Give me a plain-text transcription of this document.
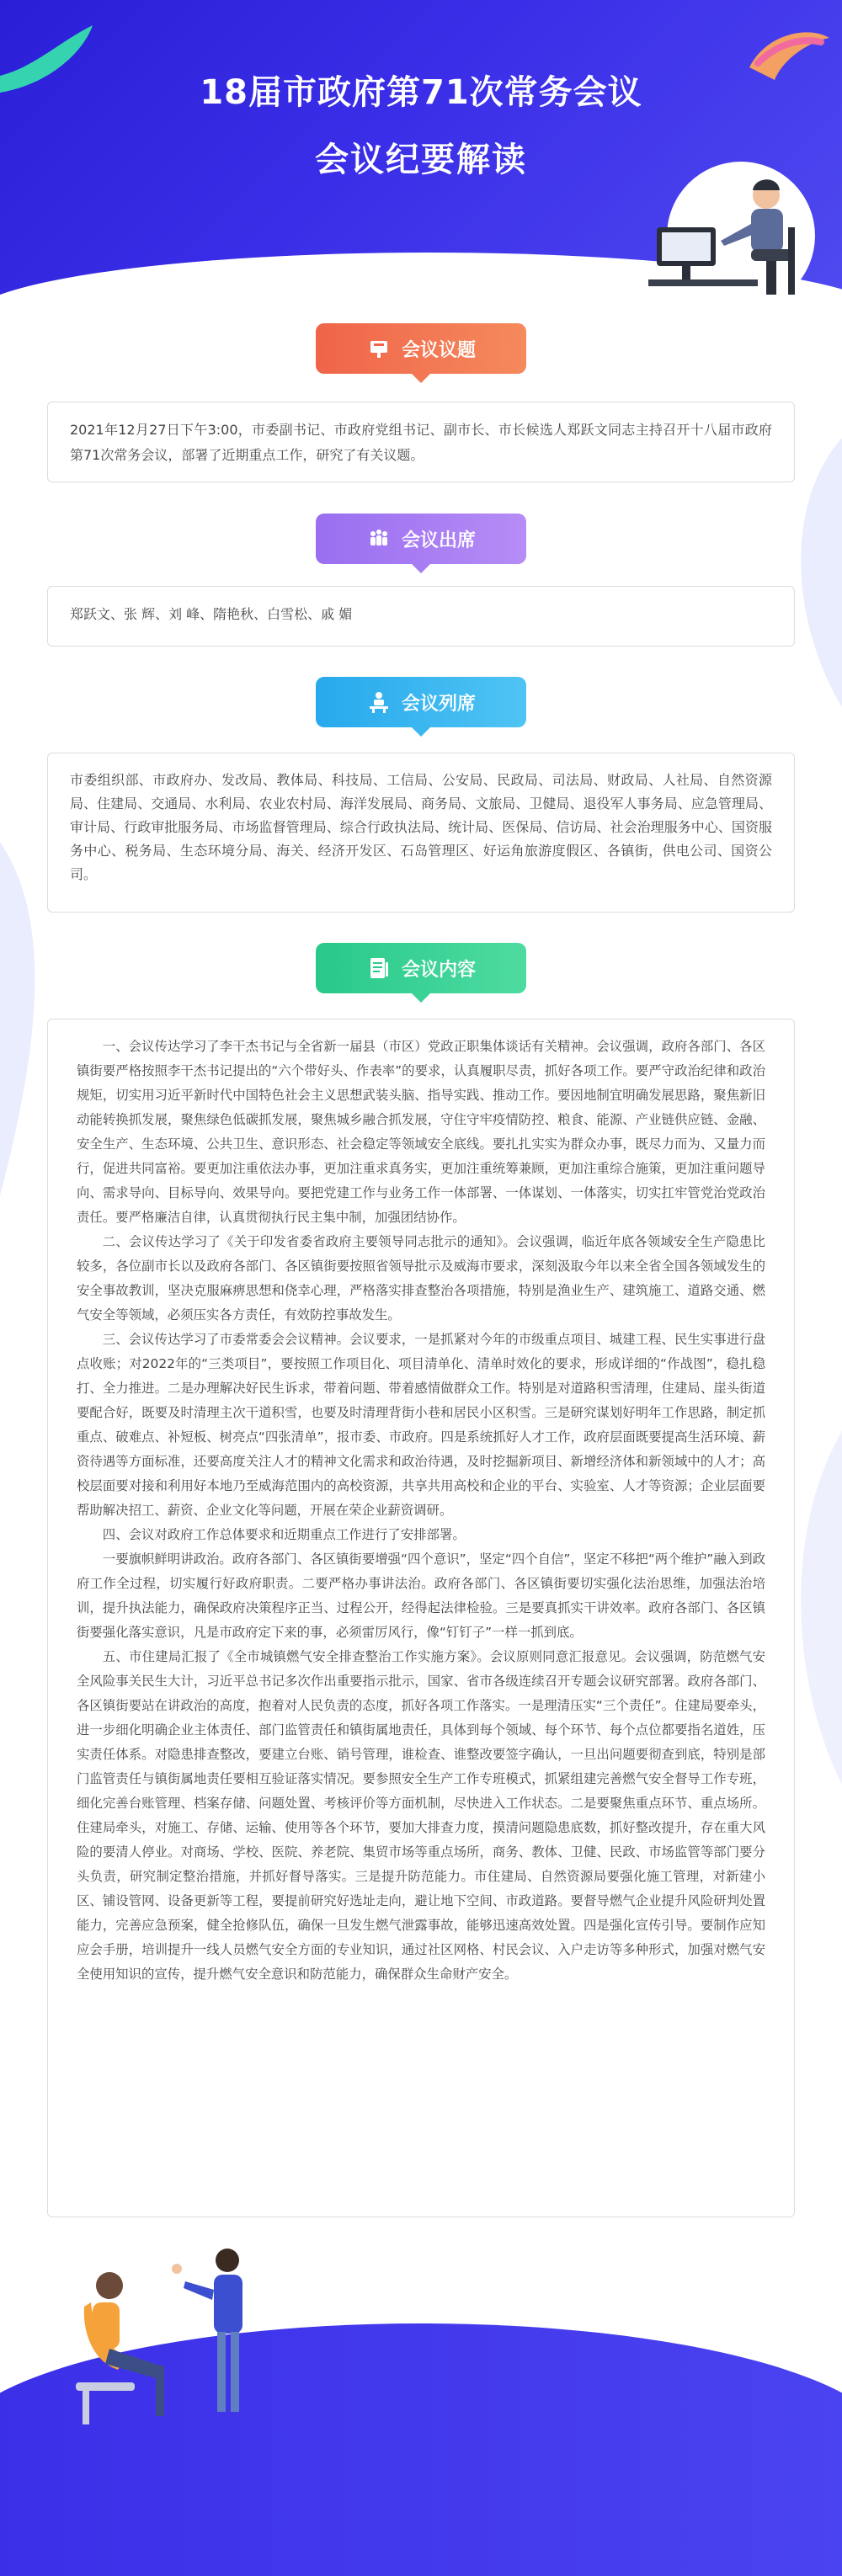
18届市政府第71次常务会议
会议纪要解读
会议议题

2021年12月27日下午3:00，市委副书记、市政府党组书记、副市长、市长候选人郑跃文同志主持召开十八届市政府第71次常务会议，部署了近期重点工作，研究了有关议题。

会议出席

郑跃文、张 辉、刘 峰、隋艳秋、白雪松、戚 媚

会议列席

市委组织部、市政府办、发改局、教体局、科技局、工信局、公安局、民政局、司法局、财政局、人社局、自然资源局、住建局、交通局、水利局、农业农村局、海洋发展局、商务局、文旅局、卫健局、退役军人事务局、应急管理局、审计局、行政审批服务局、市场监督管理局、综合行政执法局、统计局、医保局、信访局、社会治理服务中心、国资服务中心、税务局、生态环境分局、海关、经济开发区、石岛管理区、好运角旅游度假区、各镇街，供电公司、国资公司。

会议内容

一、会议传达学习了李干杰书记与全省新一届县（市区）党政正职集体谈话有关精神。会议强调，政府各部门、各区镇街要严格按照李干杰书记提出的“六个带好头、作表率”的要求，认真履职尽责，抓好各项工作。要严守政治纪律和政治规矩，切实用习近平新时代中国特色社会主义思想武装头脑、指导实践、推动工作。要因地制宜明确发展思路，聚焦新旧动能转换抓发展，聚焦绿色低碳抓发展，聚焦城乡融合抓发展，守住守牢疫情防控、粮食、能源、产业链供应链、金融、安全生产、生态环境、公共卫生、意识形态、社会稳定等领域安全底线。要扎扎实实为群众办事，既尽力而为、又量力而行，促进共同富裕。要更加注重依法办事，更加注重求真务实，更加注重统筹兼顾，更加注重综合施策，更加注重问题导向、需求导向、目标导向、效果导向。要把党建工作与业务工作一体部署、一体谋划、一体落实，切实扛牢管党治党政治责任。要严格廉洁自律，认真贯彻执行民主集中制，加强团结协作。

二、会议传达学习了《关于印发省委省政府主要领导同志批示的通知》。会议强调，临近年底各领域安全生产隐患比较多，各位副市长以及政府各部门、各区镇街要按照省领导批示及威海市要求，深刻汲取今年以来全省全国各领域发生的安全事故教训，坚决克服麻痹思想和侥幸心理，严格落实排查整治各项措施，特别是渔业生产、建筑施工、道路交通、燃气安全等领域，必须压实各方责任，有效防控事故发生。

三、会议传达学习了市委常委会会议精神。会议要求，一是抓紧对今年的市级重点项目、城建工程、民生实事进行盘点收账；对2022年的“三类项目”，要按照工作项目化、项目清单化、清单时效化的要求，形成详细的“作战图”，稳扎稳打、全力推进。二是办理解决好民生诉求，带着问题、带着感情做群众工作。特别是对道路积雪清理，住建局、崖头街道要配合好，既要及时清理主次干道积雪，也要及时清理背街小巷和居民小区积雪。三是研究谋划好明年工作思路，制定抓重点、破难点、补短板、树亮点“四张清单”，报市委、市政府。四是系统抓好人才工作，政府层面既要提高生活环境、薪资待遇等方面标准，还要高度关注人才的精神文化需求和政治待遇，及时挖掘新项目、新增经济体和新领域中的人才；高校层面要对接和利用好本地乃至威海范围内的高校资源，共享共用高校和企业的平台、实验室、人才等资源；企业层面要帮助解决招工、薪资、企业文化等问题，开展在荣企业薪资调研。

四、会议对政府工作总体要求和近期重点工作进行了安排部署。

一要旗帜鲜明讲政治。政府各部门、各区镇街要增强“四个意识”，坚定“四个自信”，坚定不移把“两个维护”融入到政府工作全过程，切实履行好政府职责。二要严格办事讲法治。政府各部门、各区镇街要切实强化法治思维，加强法治培训，提升执法能力，确保政府决策程序正当、过程公开，经得起法律检验。三是要真抓实干讲效率。政府各部门、各区镇街要强化落实意识，凡是市政府定下来的事，必须雷厉风行，像“钉钉子”一样一抓到底。

五、市住建局汇报了《全市城镇燃气安全排查整治工作实施方案》。会议原则同意汇报意见。会议强调，防范燃气安全风险事关民生大计，习近平总书记多次作出重要指示批示，国家、省市各级连续召开专题会议研究部署。政府各部门、各区镇街要站在讲政治的高度，抱着对人民负责的态度，抓好各项工作落实。一是理清压实“三个责任”。住建局要牵头，进一步细化明确企业主体责任、部门监管责任和镇街属地责任，具体到每个领域、每个环节、每个点位都要指名道姓，压实责任体系。对隐患排查整改，要建立台账、销号管理，谁检查、谁整改要签字确认，一旦出问题要彻查到底，特别是部门监管责任与镇街属地责任要相互验证落实情况。要参照安全生产工作专班模式，抓紧组建完善燃气安全督导工作专班，细化完善台账管理、档案存储、问题处置、考核评价等方面机制，尽快进入工作状态。二是要聚焦重点环节、重点场所。住建局牵头，对施工、存储、运输、使用等各个环节，要加大排查力度，摸清问题隐患底数，抓好整改提升，存在重大风险的要清人停业。对商场、学校、医院、养老院、集贸市场等重点场所，商务、教体、卫健、民政、市场监管等部门要分头负责，研究制定整治措施，并抓好督导落实。三是提升防范能力。市住建局、自然资源局要强化施工管理，对新建小区、铺设管网、设备更新等工程，要提前研究好选址走向，避让地下空间、市政道路。要督导燃气企业提升风险研判处置能力，完善应急预案，健全抢修队伍，确保一旦发生燃气泄露事故，能够迅速高效处置。四是强化宣传引导。要制作应知应会手册，培训提升一线人员燃气安全方面的专业知识，通过社区网格、村民会议、入户走访等多种形式，加强对燃气安全使用知识的宣传，提升燃气安全意识和防范能力，确保群众生命财产安全。
